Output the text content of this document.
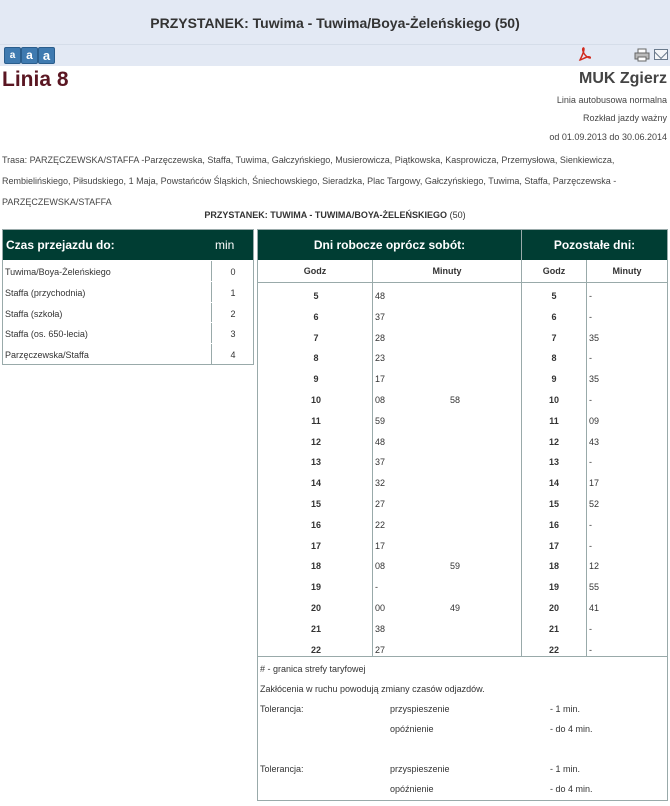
PRZYSTANEK: Tuwima - Tuwima/Boya-Żeleńskiego (50)
a a a
Linia 8	MUK Zgierz
Linia autobusowa normalna
Rozkład jazdy ważny
od 01.09.2013 do 30.06.2014
Trasa: PARZĘCZEWSKA/STAFFA -Parzęczewska, Staffa, Tuwima, Gałczyńskiego, Musierowicza, Piątkowska, Kasprowicza, Przemysłowa, Sienkiewicza, Rembielińskiego, Piłsudskiego, 1 Maja, Powstańców Śląskich, Śniechowskiego, Sieradzka, Plac Targowy, Gałczyńskiego, Tuwima, Staffa, Parzęczewska - PARZĘCZEWSKA/STAFFA
PRZYSTANEK: TUWIMA - TUWIMA/BOYA-ŻELEŃSKIEGO (50)
Czas przejazdu do:	min
Tuwima/Boya-Żeleńskiego	0
Staffa (przychodnia)	1
Staffa (szkoła)	2
Staffa (os. 650-lecia)	3
Parzęczewska/Staffa	4
Dni robocze oprócz sobót:	Pozostałe dni:
Godz	Minuty	Godz	Minuty
5	48	5	-
6	37	6	-
7	28	7	35
8	23	8	-
9	17	9	35
10	08	58	10	-
11	59	11	09
12	48	12	43
13	37	13	-
14	32	14	17
15	27	15	52
16	22	16	-
17	17	17	-
18	08	59	18	12
19	-	19	55
20	00	49	20	41
21	38	21	-
22	27	22	-
# - granica strefy taryfowej
Zakłócenia w ruchu powodują zmiany czasów odjazdów.
Tolerancja:	przyspieszenie	- 1 min.
opóźnienie	- do 4 min.
Tolerancja:	przyspieszenie	- 1 min.
opóźnienie	- do 4 min.
